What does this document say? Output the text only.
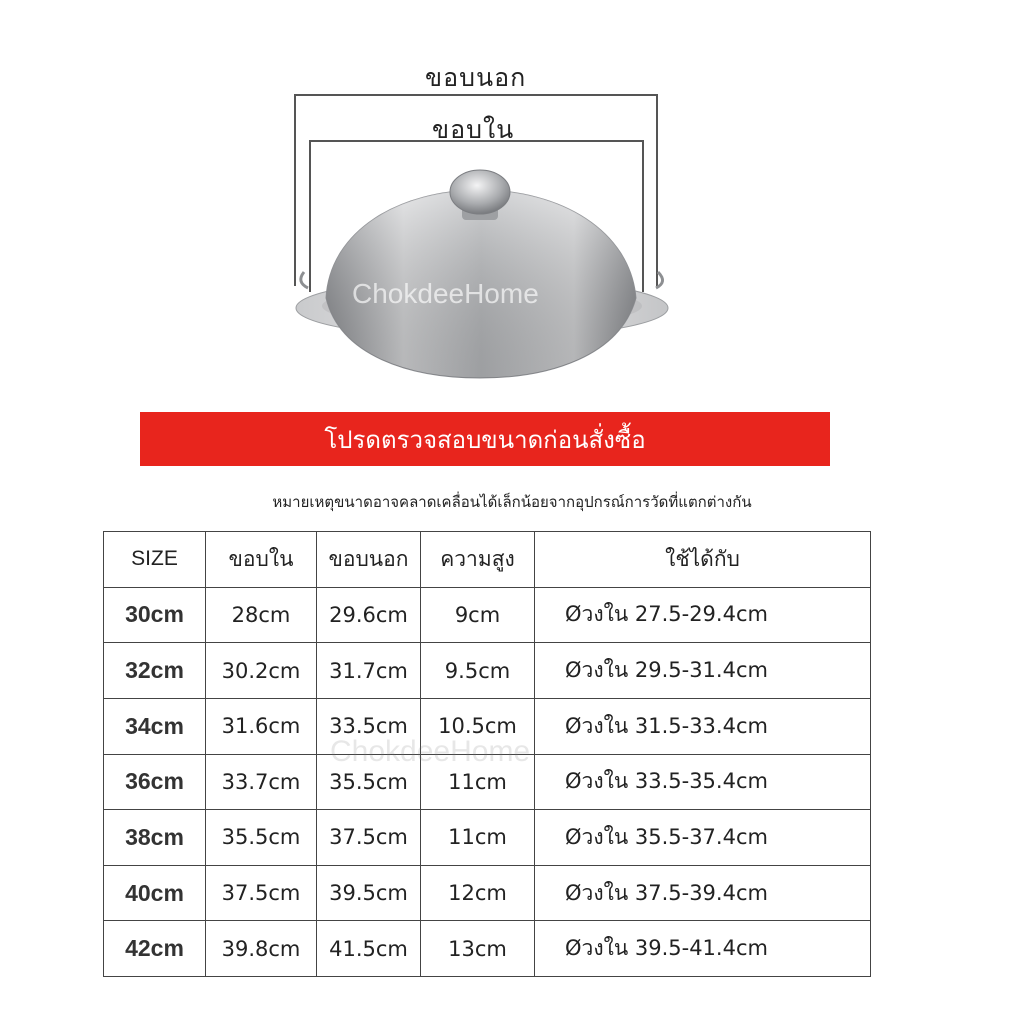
ขอบนอก
ขอบใน
ChokdeeHome
โปรดตรวจสอบขนาดก่อนสั่งซื้อ
หมายเหตุขนาดอาจคลาดเคลื่อนได้เล็กน้อยจากอุปกรณ์การวัดที่แตกต่างกัน
SIZE	ขอบใน	ขอบนอก	ความสูง	ใช้ได้กับ
30cm	28cm	29.6cm	9cm	Øวงใน 27.5-29.4cm
32cm	30.2cm	31.7cm	9.5cm	Øวงใน 29.5-31.4cm
34cm	31.6cm	33.5cm	10.5cm	Øวงใน 31.5-33.4cm
36cm	33.7cm	35.5cm	11cm	Øวงใน 33.5-35.4cm
38cm	35.5cm	37.5cm	11cm	Øวงใน 35.5-37.4cm
40cm	37.5cm	39.5cm	12cm	Øวงใน 37.5-39.4cm
42cm	39.8cm	41.5cm	13cm	Øวงใน 39.5-41.4cm
ChokdeeHome
